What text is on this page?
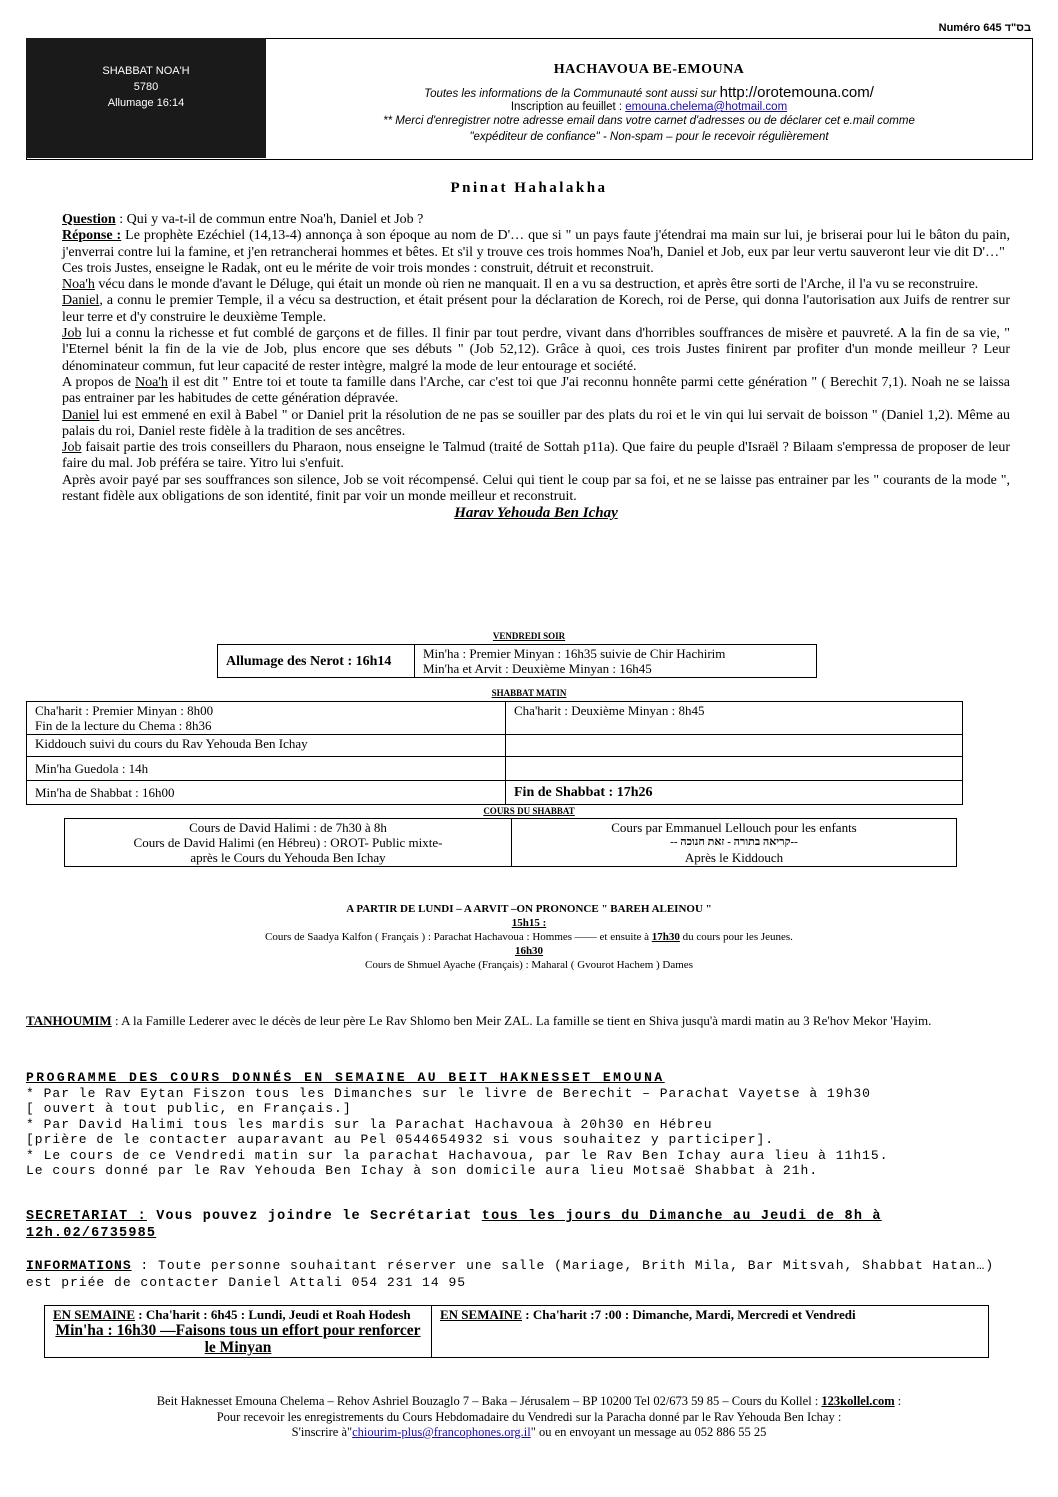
Numéro 645 בס"ד
SHABBAT NOA'H
5780
Allumage 16:14
HACHAVOUA BE-EMOUNA
Toutes les informations de la Communauté sont aussi sur http://orotemouna.com/
Inscription au feuillet : emouna.chelema@hotmail.com
** Merci d'enregistrer notre adresse email dans votre carnet d'adresses ou de déclarer cet e.mail comme
"expéditeur de confiance" - Non-spam – pour le recevoir régulièrement
Pninat Hahalakha

Question : Qui y va-t-il de commun entre Noa'h, Daniel et Job ?

Réponse : Le prophète Ezéchiel (14,13-4) annonça à son époque au nom de D'… que si " un pays faute j'étendrai ma main sur lui, je briserai pour lui le bâton du pain, j'enverrai contre lui la famine, et j'en retrancherai hommes et bêtes. Et s'il y trouve ces trois hommes Noa'h, Daniel et Job, eux par leur vertu sauveront leur vie dit D'…"

Ces trois Justes, enseigne le Radak, ont eu le mérite de voir trois mondes : construit, détruit et reconstruit.

Noa'h vécu dans le monde d'avant le Déluge, qui était un monde où rien ne manquait. Il en a vu sa destruction, et après être sorti de l'Arche, il l'a vu se reconstruire.

Daniel, a connu le premier Temple, il a vécu sa destruction, et était présent pour la déclaration de Korech, roi de Perse, qui donna l'autorisation aux Juifs de rentrer sur leur terre et d'y construire le deuxième Temple.

Job lui a connu la richesse et fut comblé de garçons et de filles. Il finir par tout perdre, vivant dans d'horribles souffrances de misère et pauvreté. A la fin de sa vie, " l'Eternel bénit la fin de la vie de Job, plus encore que ses débuts " (Job 52,12). Grâce à quoi, ces trois Justes finirent par profiter d'un monde meilleur ? Leur dénominateur commun, fut leur capacité de rester intègre, malgré la mode de leur entourage et société.

A propos de Noa'h il est dit " Entre toi et toute ta famille dans l'Arche, car c'est toi que J'ai reconnu honnête parmi cette génération " ( Berechit 7,1). Noah ne se laissa pas entrainer par les habitudes de cette génération dépravée.

Daniel lui est emmené en exil à Babel " or Daniel prit la résolution de ne pas se souiller par des plats du roi et le vin qui lui servait de boisson " (Daniel 1,2). Même au palais du roi, Daniel reste fidèle à la tradition de ses ancêtres.

Job faisait partie des trois conseillers du Pharaon, nous enseigne le Talmud (traité de Sottah p11a). Que faire du peuple d'Israël ? Bilaam s'empressa de proposer de leur faire du mal. Job préféra se taire. Yitro lui s'enfuit.

Après avoir payé par ses souffrances son silence, Job se voit récompensé. Celui qui tient le coup par sa foi, et ne se laisse pas entrainer par les " courants de la mode ", restant fidèle aux obligations de son identité, finit par voir un monde meilleur et reconstruit.

Harav Yehouda Ben Ichay

VENDREDI SOIR
Allumage des Nerot : 16h14	Min'ha : Premier Minyan : 16h35 suivie de Chir Hachirim
Min'ha et Arvit : Deuxième Minyan : 16h45
SHABBAT MATIN
Cha'harit : Premier Minyan : 8h00
Fin de la lecture du Chema : 8h36	Cha'harit : Deuxième Minyan : 8h45
Kiddouch suivi du cours du Rav Yehouda Ben Ichay	
Min'ha Guedola : 14h	
Min'ha de Shabbat : 16h00	Fin de Shabbat : 17h26
COURS DU SHABBAT
Cours de David Halimi : de 7h30 à 8h
Cours de David Halimi (en Hébreu) : OROT- Public mixte-
après le Cours du Yehouda Ben Ichay

Cours par Emmanuel Lellouch pour les enfants
-- קריאה בתורה - זאת חנוכה--
Après le Kiddouch
A PARTIR DE LUNDI – A ARVIT –ON PRONONCE " BAREH ALEINOU "
15h15 :
Cours de Saadya Kalfon ( Français ) : Parachat Hachavoua : Hommes —— et ensuite à 17h30 du cours pour les Jeunes.
16h30
Cours de Shmuel Ayache (Français) : Maharal ( Gvourot Hachem ) Dames
TANHOUMIM : A la Famille Lederer avec le décès de leur père Le Rav Shlomo ben Meir ZAL. La famille se tient en Shiva jusqu'à mardi matin au 3 Re'hov Mekor 'Hayim.
PROGRAMME DES COURS DONNÉS EN SEMAINE AU BEIT HAKNESSET EMOUNA
* Par le Rav Eytan Fiszon tous les Dimanches sur le livre de Berechit – Parachat Vayetse à 19h30
[ ouvert à tout public, en Français.]
* Par David Halimi tous les mardis sur la Parachat Hachavoua à 20h30 en Hébreu
[prière de le contacter auparavant au Pel 0544654932 si vous souhaitez y participer].
* Le cours de ce Vendredi matin sur la parachat Hachavoua, par le Rav Ben Ichay aura lieu à 11h15.
Le cours donné par le Rav Yehouda Ben Ichay à son domicile aura lieu Motsaë Shabbat à 21h.
SECRETARIAT : Vous pouvez joindre le Secrétariat tous les jours du Dimanche au Jeudi de 8h à 12h.02/6735985
INFORMATIONS : Toute personne souhaitant réserver une salle (Mariage, Brith Mila, Bar Mitsvah, Shabbat Hatan…) est priée de contacter Daniel Attali 054 231 14 95
EN SEMAINE : Cha'harit : 6h45 : Lundi, Jeudi et Roah Hodesh
Min'ha : 16h30 —Faisons tous un effort pour renforcer le Minyan
	EN SEMAINE : Cha'harit :7 :00 : Dimanche, Mardi, Mercredi et Vendredi
Beit Haknesset Emouna Chelema – Rehov Ashriel Bouzaglo 7 – Baka – Jérusalem – BP 10200 Tel 02/673 59 85 – Cours du Kollel : 123kollel.com :
Pour recevoir les enregistrements du Cours Hebdomadaire du Vendredi sur la Paracha donné par le Rav Yehouda Ben Ichay :
S'inscrire à"chiourim-plus@francophones.org.il" ou en envoyant un message au 052 886 55 25
